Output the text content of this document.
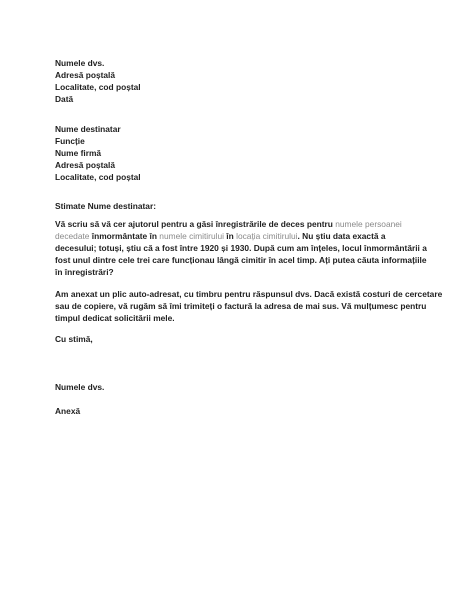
Numele dvs.
Adresă poștală
Localitate, cod poștal
Dată
Nume destinatar
Funcție
Nume firmă
Adresă poștală
Localitate, cod poștal
Stimate Nume destinatar:
Vă scriu să vă cer ajutorul pentru a găsi înregistrările de deces pentru numele persoanei
decedate înmormântate în numele cimitirului în locația cimitirului. Nu știu data exactă a
decesului; totuși, știu că a fost între 1920 și 1930. După cum am înțeles, locul înmormântării a
fost unul dintre cele trei care funcționau lângă cimitir în acel timp. Ați putea căuta informațiile
în înregistrări?
Am anexat un plic auto-adresat, cu timbru pentru răspunsul dvs. Dacă există costuri de cercetare
sau de copiere, vă rugăm să îmi trimiteți o factură la adresa de mai sus. Vă mulțumesc pentru
timpul dedicat solicitării mele.
Cu stimă,
Numele dvs.
Anexă
